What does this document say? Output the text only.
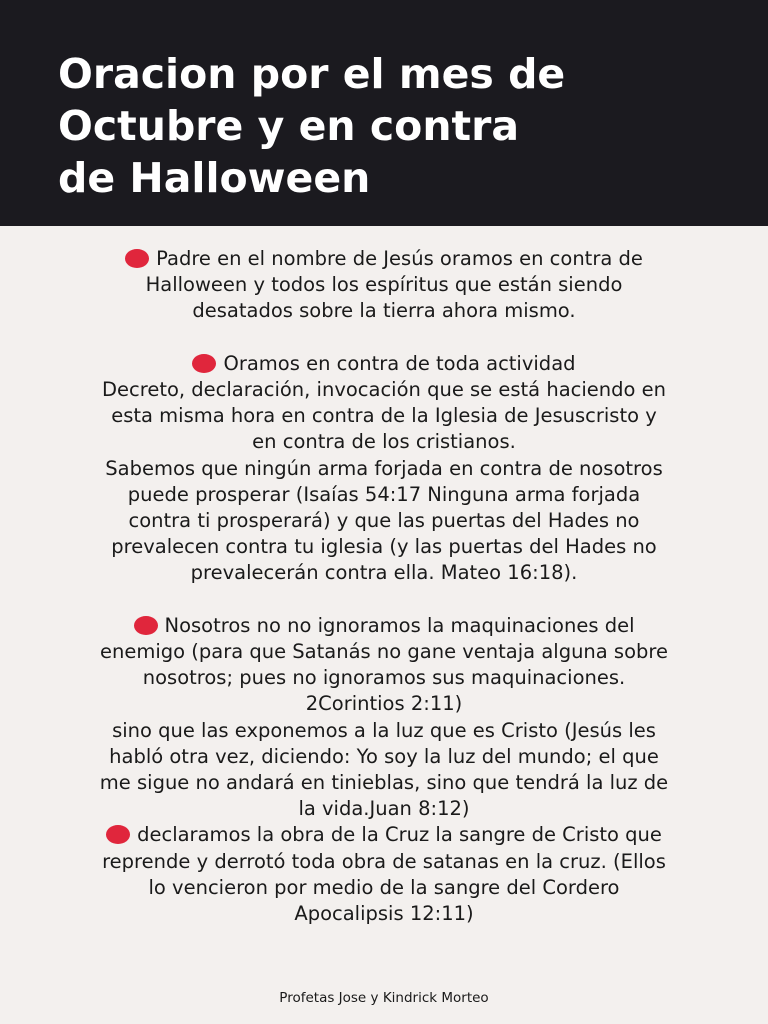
Oracion por el mes de
Octubre y en contra
de Halloween
Padre en el nombre de Jesús oramos en contra de
Halloween y todos los espíritus que están siendo
desatados sobre la tierra ahora mismo.
Oramos en contra de toda actividad
Decreto, declaración, invocación que se está haciendo en
esta misma hora en contra de la Iglesia de Jesuscristo y
en contra de los cristianos.
Sabemos que ningún arma forjada en contra de nosotros
puede prosperar (Isaías 54:17 Ninguna arma forjada
contra ti prosperará) y que las puertas del Hades no
prevalecen contra tu iglesia (y las puertas del Hades no
prevalecerán contra ella. Mateo 16:18).
Nosotros no no ignoramos la maquinaciones del
enemigo (para que Satanás no gane ventaja alguna sobre
nosotros; pues no ignoramos sus maquinaciones.
2Corintios 2:11)
sino que las exponemos a la luz que es Cristo (Jesús les
habló otra vez, diciendo: Yo soy la luz del mundo; el que
me sigue no andará en tinieblas, sino que tendrá la luz de
la vida.Juan 8:12)
declaramos la obra de la Cruz la sangre de Cristo que
reprende y derrotó toda obra de satanas en la cruz. (Ellos
lo vencieron por medio de la sangre del Cordero
Apocalipsis 12:11)
Profetas Jose y Kindrick Morteo
